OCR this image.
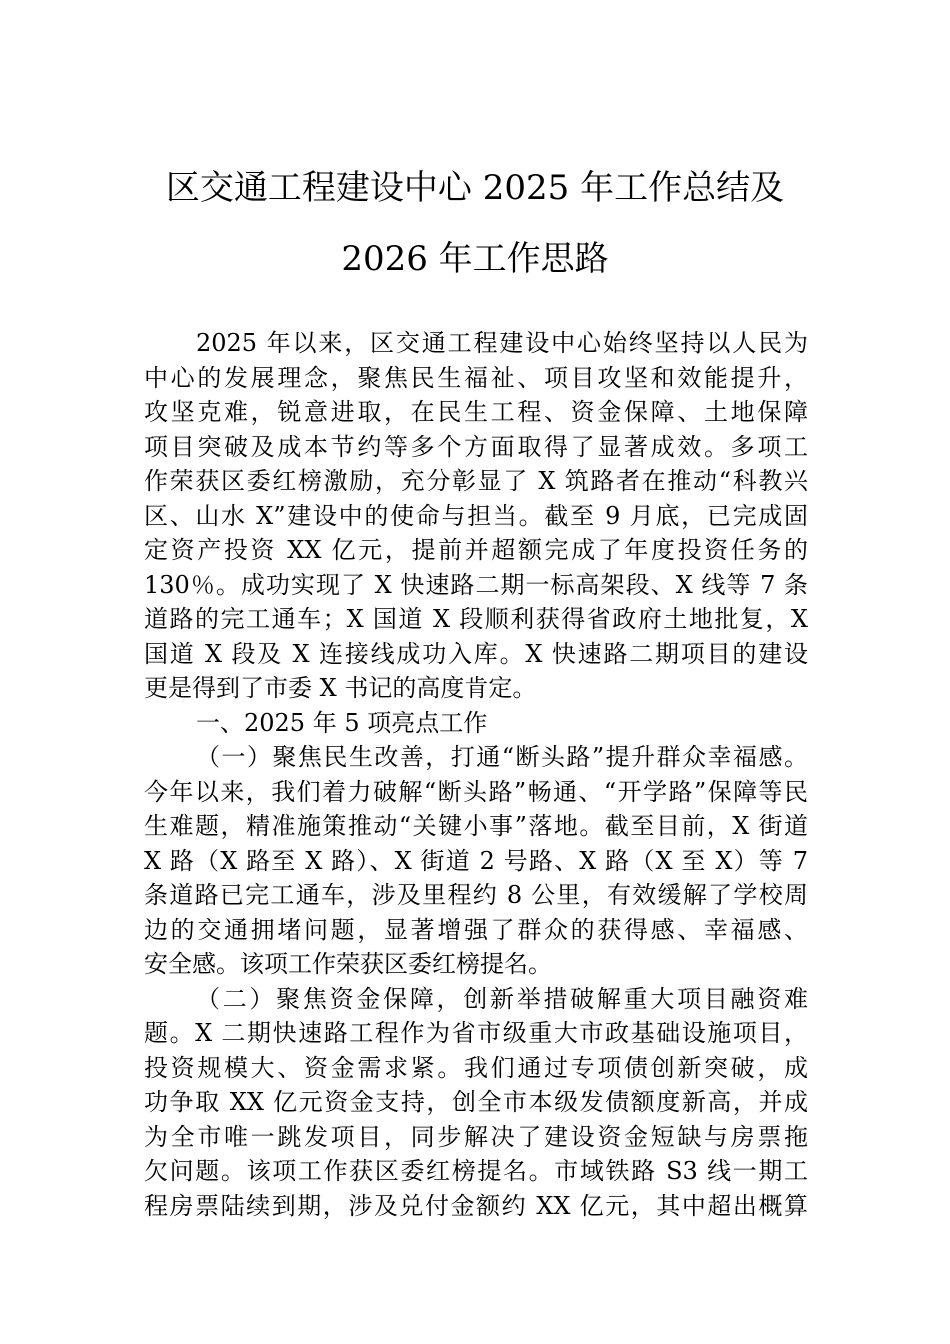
区交通工程建设中心 2025 年工作总结及
2026 年工作思路
2025 年以来，区交通工程建设中心始终坚持以人民为
中心的发展理念，聚焦民生福祉、项目攻坚和效能提升，
攻坚克难，锐意进取，在民生工程、资金保障、土地保障
项目突破及成本节约等多个方面取得了显著成效。多项工
作荣获区委红榜激励，充分彰显了 X 筑路者在推动“科教兴
区、山水 X”建设中的使命与担当。截至 9 月底，已完成固
定资产投资 XX 亿元，提前并超额完成了年度投资任务的
130％。成功实现了 X 快速路二期一标高架段、X 线等 7 条
道路的完工通车；X 国道 X 段顺利获得省政府土地批复，X
国道 X 段及 X 连接线成功入库。X 快速路二期项目的建设
更是得到了市委 X 书记的高度肯定。
一、2025 年 5 项亮点工作
（一）聚焦民生改善，打通“断头路”提升群众幸福感。
今年以来，我们着力破解“断头路”畅通、“开学路”保障等民
生难题，精准施策推动“关键小事”落地。截至目前，X 街道
X 路（X 路至 X 路）、X 街道 2 号路、X 路（X 至 X）等 7
条道路已完工通车，涉及里程约 8 公里，有效缓解了学校周
边的交通拥堵问题，显著增强了群众的获得感、幸福感、
安全感。该项工作荣获区委红榜提名。
（二）聚焦资金保障，创新举措破解重大项目融资难
题。X 二期快速路工程作为省市级重大市政基础设施项目，
投资规模大、资金需求紧。我们通过专项债创新突破，成
功争取 XX 亿元资金支持，创全市本级发债额度新高，并成
为全市唯一跳发项目，同步解决了建设资金短缺与房票拖
欠问题。该项工作获区委红榜提名。市域铁路 S3 线一期工
程房票陆续到期，涉及兑付金额约 XX 亿元，其中超出概算
